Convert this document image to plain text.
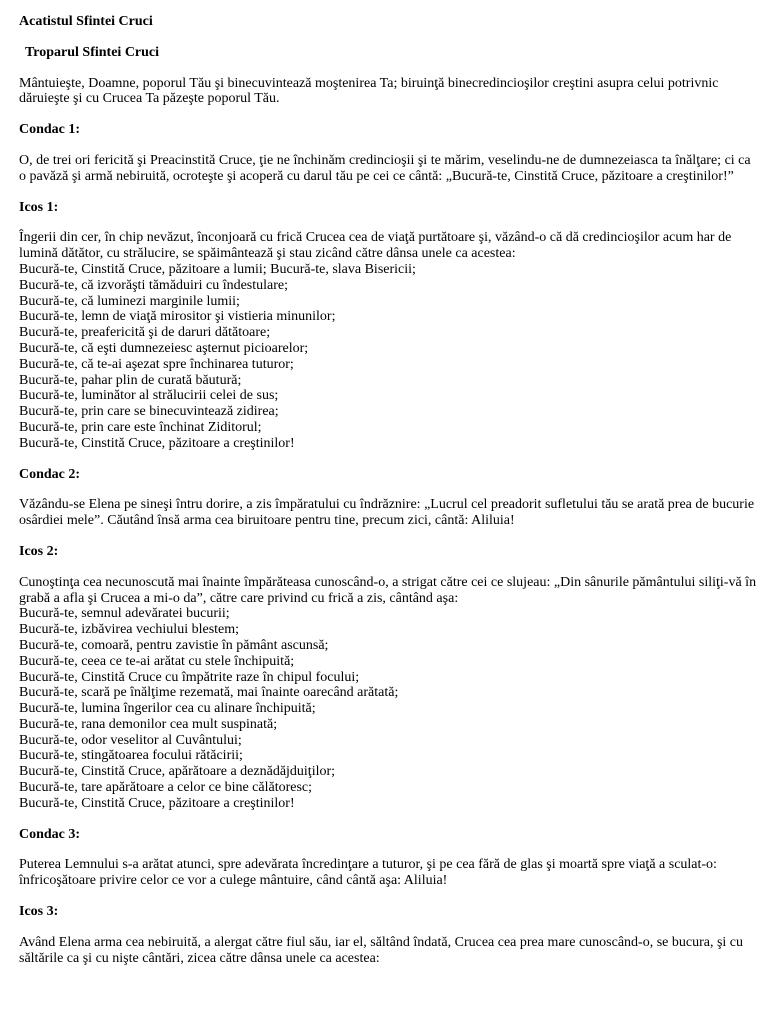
Acatistul Sfintei Cruci
Troparul Sfintei Cruci
Mântuieşte, Doamne, poporul Tău şi binecuvintează moştenirea Ta; biruinţă binecredincioşilor creştini asupra celui potrivnic dăruieşte şi cu Crucea Ta păzeşte poporul Tău.
Condac 1:
O, de trei ori fericită şi Preacinstită Cruce, ţie ne închinăm credincioşii şi te mărim, veselindu-ne de dumnezeiasca ta înălţare; ci ca o pavăză şi armă nebiruită, ocroteşte şi acoperă cu darul tău pe cei ce cântă: „Bucură-te, Cinstită Cruce, păzitoare a creştinilor!”
Icos 1:
Îngerii din cer, în chip nevăzut, înconjoară cu frică Crucea cea de viaţă purtătoare şi, văzând-o că dă credincioşilor acum har de lumină dătător, cu strălucire, se spăimântează şi stau zicând către dânsa unele ca acestea:
Bucură-te, Cinstită Cruce, păzitoare a lumii; Bucură-te, slava Bisericii;
Bucură-te, că izvorăşti tămăduiri cu îndestulare;
Bucură-te, că luminezi marginile lumii;
Bucură-te, lemn de viaţă mirositor şi vistieria minunilor;
Bucură-te, preafericită şi de daruri dătătoare;
Bucură-te, că eşti dumnezeiesc aşternut picioarelor;
Bucură-te, că te-ai aşezat spre închinarea tuturor;
Bucură-te, pahar plin de curată băutură;
Bucură-te, luminător al strălucirii celei de sus;
Bucură-te, prin care se binecuvintează zidirea;
Bucură-te, prin care este închinat Ziditorul;
Bucură-te, Cinstită Cruce, păzitoare a creştinilor!
Condac 2:
Văzându-se Elena pe sineşi întru dorire, a zis împăratului cu îndrăznire: „Lucrul cel preadorit sufletului tău se arată prea de bucurie osârdiei mele”. Căutând însă arma cea biruitoare pentru tine, precum zici, cântă: Aliluia!
Icos 2:
Cunoştinţa cea necunoscută mai înainte împărăteasa cunoscând-o, a strigat către cei ce slujeau: „Din sânurile pământului siliţi-vă în grabă a afla şi Crucea a mi-o da”, către care privind cu frică a zis, cântând aşa:
Bucură-te, semnul adevăratei bucurii;
Bucură-te, izbăvirea vechiului blestem;
Bucură-te, comoară, pentru zavistie în pământ ascunsă;
Bucură-te, ceea ce te-ai arătat cu stele închipuită;
Bucură-te, Cinstită Cruce cu împătrite raze în chipul focului;
Bucură-te, scară pe înălţime rezemată, mai înainte oarecând arătată;
Bucură-te, lumina îngerilor cea cu alinare închipuită;
Bucură-te, rana demonilor cea mult suspinată;
Bucură-te, odor veselitor al Cuvântului;
Bucură-te, stingătoarea focului rătăcirii;
Bucură-te, Cinstită Cruce, apărătoare a deznădăjduiţilor;
Bucură-te, tare apărătoare a celor ce bine călătoresc;
Bucură-te, Cinstită Cruce, păzitoare a creştinilor!
Condac 3:
Puterea Lemnului s-a arătat atunci, spre adevărata încredinţare a tuturor, şi pe cea fără de glas şi moartă spre viaţă a sculat-o: înfricoşătoare privire celor ce vor a culege mântuire, când cântă aşa: Aliluia!
Icos 3:
Având Elena arma cea nebiruită, a alergat către fiul său, iar el, săltând îndată, Crucea cea prea mare cunoscând-o, se bucura, şi cu săltările ca şi cu nişte cântări, zicea către dânsa unele ca acestea:
